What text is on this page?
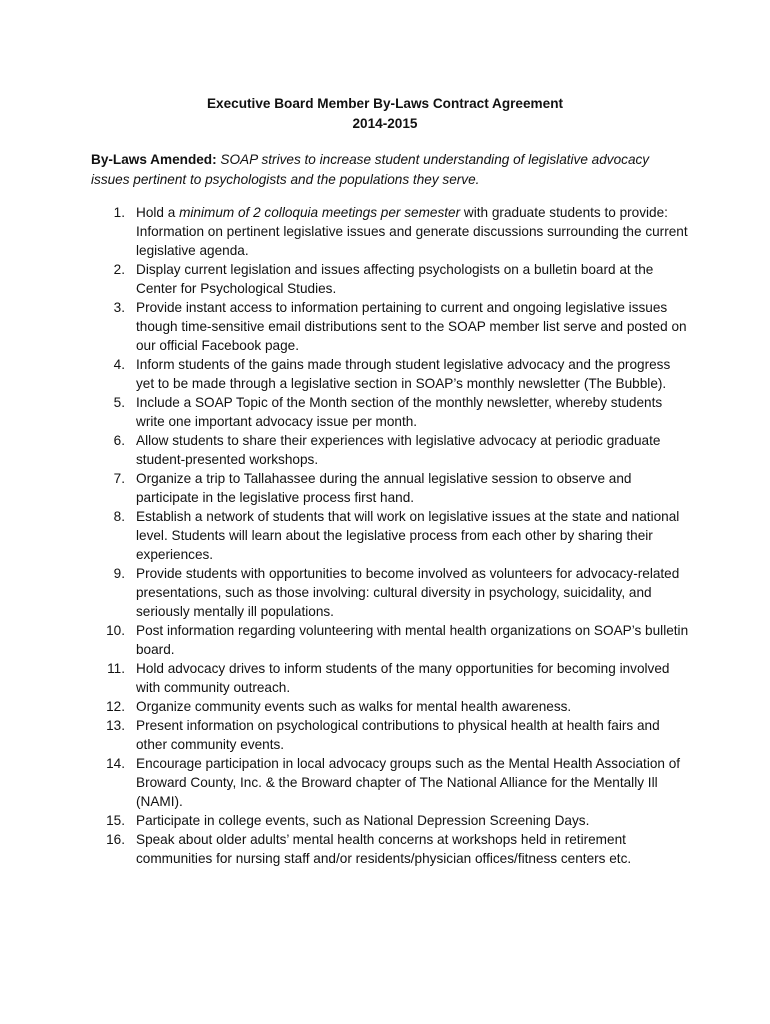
Executive Board Member By-Laws Contract Agreement
2014-2015
By-Laws Amended: SOAP strives to increase student understanding of legislative advocacy issues pertinent to psychologists and the populations they serve.
1. Hold a minimum of 2 colloquia meetings per semester with graduate students to provide: Information on pertinent legislative issues and generate discussions surrounding the current legislative agenda.
2. Display current legislation and issues affecting psychologists on a bulletin board at the Center for Psychological Studies.
3. Provide instant access to information pertaining to current and ongoing legislative issues though time-sensitive email distributions sent to the SOAP member list serve and posted on our official Facebook page.
4. Inform students of the gains made through student legislative advocacy and the progress yet to be made through a legislative section in SOAP’s monthly newsletter (The Bubble).
5. Include a SOAP Topic of the Month section of the monthly newsletter, whereby students write one important advocacy issue per month.
6. Allow students to share their experiences with legislative advocacy at periodic graduate student-presented workshops.
7. Organize a trip to Tallahassee during the annual legislative session to observe and participate in the legislative process first hand.
8. Establish a network of students that will work on legislative issues at the state and national level. Students will learn about the legislative process from each other by sharing their experiences.
9. Provide students with opportunities to become involved as volunteers for advocacy-related presentations, such as those involving: cultural diversity in psychology, suicidality, and seriously mentally ill populations.
10. Post information regarding volunteering with mental health organizations on SOAP’s bulletin board.
11. Hold advocacy drives to inform students of the many opportunities for becoming involved with community outreach.
12. Organize community events such as walks for mental health awareness.
13. Present information on psychological contributions to physical health at health fairs and other community events.
14. Encourage participation in local advocacy groups such as the Mental Health Association of Broward County, Inc. & the Broward chapter of The National Alliance for the Mentally Ill (NAMI).
15. Participate in college events, such as National Depression Screening Days.
16. Speak about older adults’ mental health concerns at workshops held in retirement communities for nursing staff and/or residents/physician offices/fitness centers etc.
